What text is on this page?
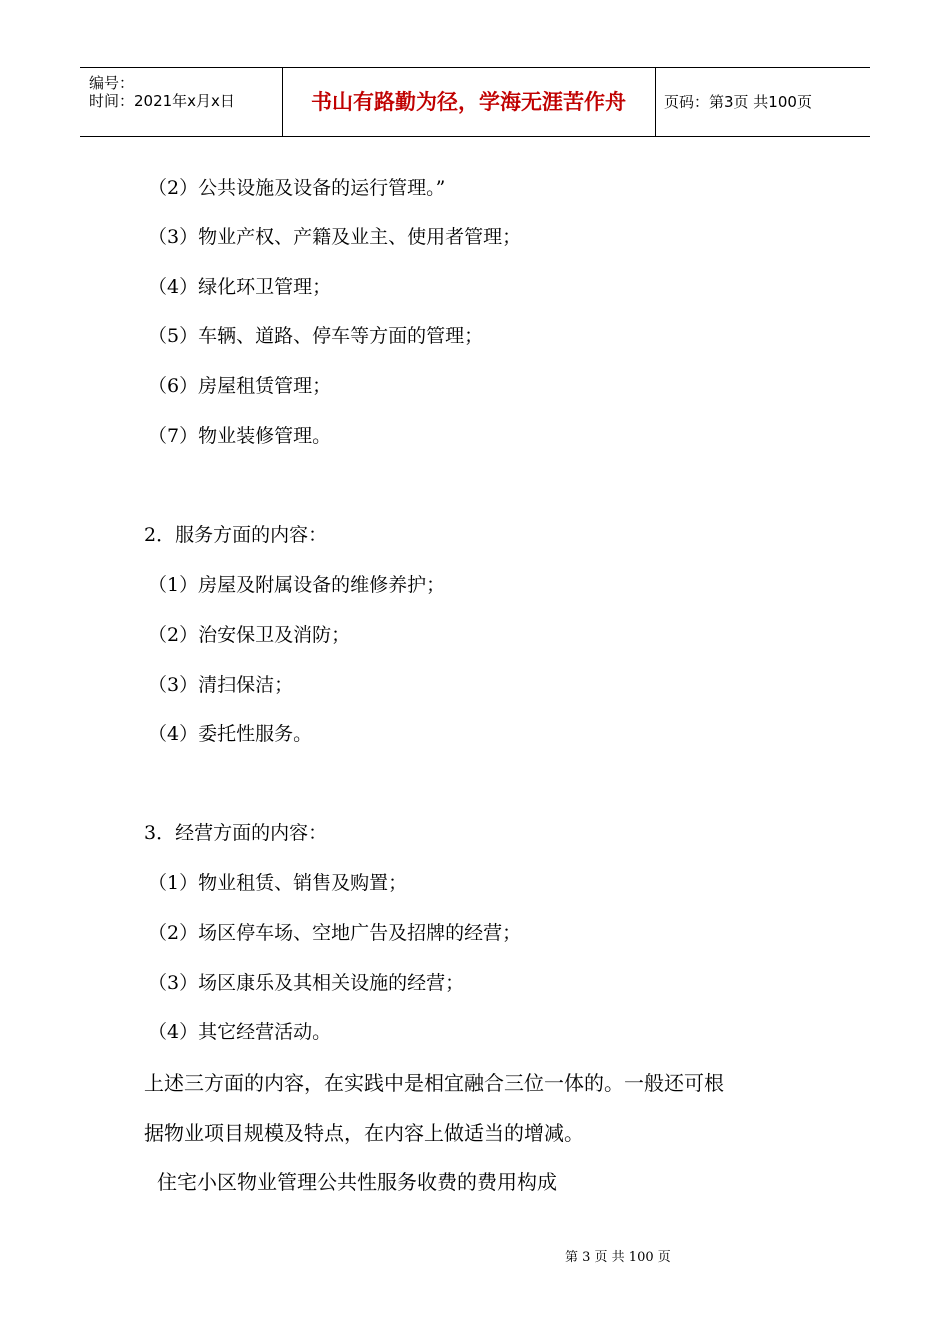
编号：
时间：2021年x月x日	书山有路勤为径，学海无涯苦作舟	页码：第3页 共100页
（2）公共设施及设备的运行管理。”
（3）物业产权、产籍及业主、使用者管理；
（4）绿化环卫管理；
（5）车辆、道路、停车等方面的管理；
（6）房屋租赁管理；
（7）物业装修管理。
2．服务方面的内容：
（1）房屋及附属设备的维修养护；
（2）治安保卫及消防；
（3）清扫保洁；
（4）委托性服务。
3．经营方面的内容：
（1）物业租赁、销售及购置；
（2）场区停车场、空地广告及招牌的经营；
（3）场区康乐及其相关设施的经营；
（4）其它经营活动。
上述三方面的内容，在实践中是相宜融合三位一体的。一般还可根
据物业项目规模及特点，在内容上做适当的增减。
住宅小区物业管理公共性服务收费的费用构成
第 3 页 共 100 页
